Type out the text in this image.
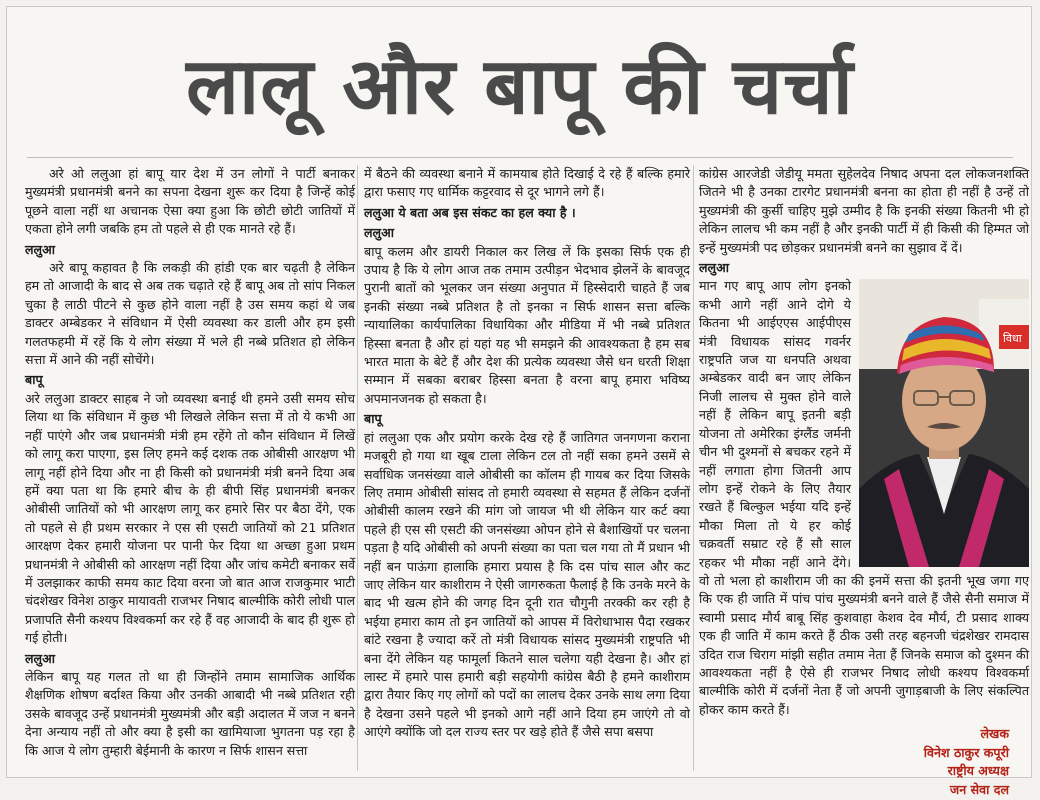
लालू और बापू की चर्चा

अरे ओ ललुआ हां बापू यार देश में उन लोगों ने पार्टी बनाकर मुख्यमंत्री प्रधानमंत्री बनने का सपना देखना शुरू कर दिया है जिन्हें कोई पूछने वाला नहीं था अचानक ऐसा क्या हुआ कि छोटी छोटी जातियों में एकता होने लगी जबकि हम तो पहले से ही एक मानते रहे हैं।

ललुआ

अरे बापू कहावत है कि लकड़ी की हांडी एक बार चढ़ती है लेकिन हम तो आजादी के बाद से अब तक चढ़ाते रहे हैं बापू अब तो सांप निकल चुका है लाठी पीटने से कुछ होने वाला नहीं है उस समय कहां थे जब डाक्टर अम्बेडकर ने संविधान में ऐसी व्यवस्था कर डाली और हम इसी गलतफहमी में रहें कि ये लोग संख्या में भले ही नब्बे प्रतिशत हो लेकिन सत्ता में आने की नहीं सोचेंगे।

बापू

अरे ललुआ डाक्टर साहब ने जो व्यवस्था बनाई थी हमने उसी समय सोच लिया था कि संविधान में कुछ भी लिखले लेकिन सत्ता में तो ये कभी आ नहीं पाएंगे और जब प्रधानमंत्री मंत्री हम रहेंगे तो कौन संविधान में लिखें को लागू करा पाएगा, इस लिए हमने कई दशक तक ओबीसी आरक्षण भी लागू नहीं होने दिया और ना ही किसी को प्रधानमंत्री मंत्री बनने दिया अब हमें क्या पता था कि हमारे बीच के ही बीपी सिंह प्रधानमंत्री बनकर ओबीसी जातियों को भी आरक्षण लागू कर हमारे सिर पर बैठा देंगे, एक तो पहले से ही प्रथम सरकार ने एस सी एसटी जातियों को 21 प्रतिशत आरक्षण देकर हमारी योजना पर पानी फेर दिया था अच्छा हुआ प्रथम प्रधानमंत्री ने ओबीसी को आरक्षण नहीं दिया और जांच कमेटी बनाकर सर्वे में उलझाकर काफी समय काट दिया वरना जो बात आज राजकुमार भाटी चंदशेखर विनेश ठाकुर मायावती राजभर निषाद बाल्मीकि कोरी लोधी पाल प्रजापति सैनी कश्यप विश्वकर्मा कर रहे हैं वह आजादी के बाद ही शुरू हो गई होती।

ललुआ

लेकिन बापू यह गलत तो था ही जिन्होंने तमाम सामाजिक आर्थिक शैक्षणिक शोषण बर्दाश्त किया और उनकी आबादी भी नब्बे प्रतिशत रही उसके बावजूद उन्हें प्रधानमंत्री मुख्यमंत्री और बड़ी अदालत में जज न बनने देना अन्याय नहीं तो और क्या है इसी का खामियाजा भुगतना पड़ रहा है कि आज ये लोग तुम्हारी बेईमानी के कारण न सिर्फ शासन सत्ता

में बैठने की व्यवस्था बनाने में कामयाब होते दिखाई दे रहे हैं बल्कि हमारे द्वारा फसाए गए धार्मिक कट्टरवाद से दूर भागने लगे हैं।

ललुआ ये बता अब इस संकट का हल क्या है ।
ललुआ

बापू कलम और डायरी निकाल कर लिख लें कि इसका सिर्फ एक ही उपाय है कि ये लोग आज तक तमाम उत्पीड़न भेदभाव झेलनें के बावजूद पुरानी बातों को भूलकर जन संख्या अनुपात में हिस्सेदारी चाहते हैं जब इनकी संख्या नब्बे प्रतिशत है तो इनका न सिर्फ शासन सत्ता बल्कि न्यायालिका कार्यपालिका विधायिका और मीडिया में भी नब्बे प्रतिशत हिस्सा बनता है और हां यहां यह भी समझने की आवश्यकता है हम सब भारत माता के बेटे हैं और देश की प्रत्येक व्यवस्था जैसे धन धरती शिक्षा सम्मान में सबका बराबर हिस्सा बनता है वरना बापू हमारा भविष्य अपमानजनक हो सकता है।

बापू

हां ललुआ एक और प्रयोग करके देख रहे हैं जातिगत जनगणना कराना मजबूरी हो गया था खूब टाला लेकिन टल तो नहीं सका हमने उसमें से सर्वाधिक जनसंख्या वाले ओबीसी का कॉलम ही गायब कर दिया जिसके लिए तमाम ओबीसी सांसद तो हमारी व्यवस्था से सहमत हैं लेकिन दर्जनों ओबीसी कालम रखने की मांग जो जायज भी थी लेकिन यार कर्ट क्या पहले ही एस सी एसटी की जनसंख्या ओपन होने से बैशाखियों पर चलना पड़ता है यदि ओबीसी को अपनी संख्या का पता चल गया तो मैं प्रधान भी नहीं बन पाऊंगा हालाकि हमारा प्रयास है कि दस पांच साल और कट जाए लेकिन यार काशीराम ने ऐसी जागरुकता फैलाई है कि उनके मरने के बाद भी खत्म होने की जगह दिन दूनी रात चौगुनी तरक्की कर रही है भईया हमारा काम तो इन जातियों को आपस में विरोधाभास पैदा रखकर बांटे रखना है ज्यादा करें तो मंत्री विधायक सांसद मुख्यमंत्री राष्ट्रपति भी बना देंगे लेकिन यह फामूर्ला कितने साल चलेगा यही देखना है। और हां लास्ट में हमारे पास हमारी बड़ी सहयोगी कांग्रेस बैठी है हमने काशीराम द्वारा तैयार किए गए लोगों को पदों का लालच देकर उनके साथ लगा दिया है देखना उसने पहले भी इनको आगे नहीं आने दिया हम जाएंगे तो वो आएंगे क्योंकि जो दल राज्य स्तर पर खड़े होते हैं जैसे सपा बसपा

कांग्रेस आरजेडी जेडीयू ममता सुहेलदेव निषाद अपना दल लोकजनशक्ति जितने भी है उनका टारगेट प्रधानमंत्री बनना का होता ही नहीं है उन्हें तो मुख्यमंत्री की कुर्सी चाहिए मुझे उम्मीद है कि इनकी संख्या कितनी भी हो लेकिन लालच भी कम नहीं है और इनकी पार्टी में ही किसी की हिम्मत जो इन्हें मुख्यमंत्री पद छोड़कर प्रधानमंत्री बनने का सुझाव दें दें।

ललुआ
विधा

मान गए बापू आप लोग इनको कभी आगे नहीं आने दोगे ये कितना भी आईएएस आईपीएस मंत्री विधायक सांसद गवर्नर राष्ट्रपति जज या धनपति अथवा अम्बेडकर वादी बन जाए लेकिन निजी लालच से मुक्त होने वाले नहीं हैं लेकिन बापू इतनी बड़ी योजना तो अमेरिका इंग्लैंड जर्मनी चीन भी दुश्मनों से बचकर रहने में नहीं लगाता होगा जितनी आप लोग इन्हें रोकने के लिए तैयार रखते हैं बिल्कुल भईया यदि इन्हें मौका मिला तो ये हर कोई चक्रवर्ती सम्राट रहे हैं सौ साल रहकर भी मौका नहीं आने देंगे। वो तो भला हो काशीराम जी का की इनमें सत्ता की इतनी भूख जगा गए कि एक ही जाति में पांच पांच मुख्यमंत्री बनने वाले हैं जैसे सैनी समाज में स्वामी प्रसाद मौर्य बाबू सिंह कुशवाहा केशव देव मौर्य, टी प्रसाद शाक्य एक ही जाति में काम करते हैं ठीक उसी तरह बहनजी चंद्रशेखर रामदास उदित राज चिराग मांझी सहीत तमाम नेता हैं जिनके समाज को दुश्मन की आवश्यकता नहीं है ऐसे ही राजभर निषाद लोधी कश्यप विश्वकर्मा बाल्मीकि कोरी में दर्जनों नेता हैं जो अपनी जुगाड़बाजी के लिए संकल्पित होकर काम करते हैं।

लेखक
विनेश ठाकुर कपूरी
राष्ट्रीय अध्यक्ष
जन सेवा दल
